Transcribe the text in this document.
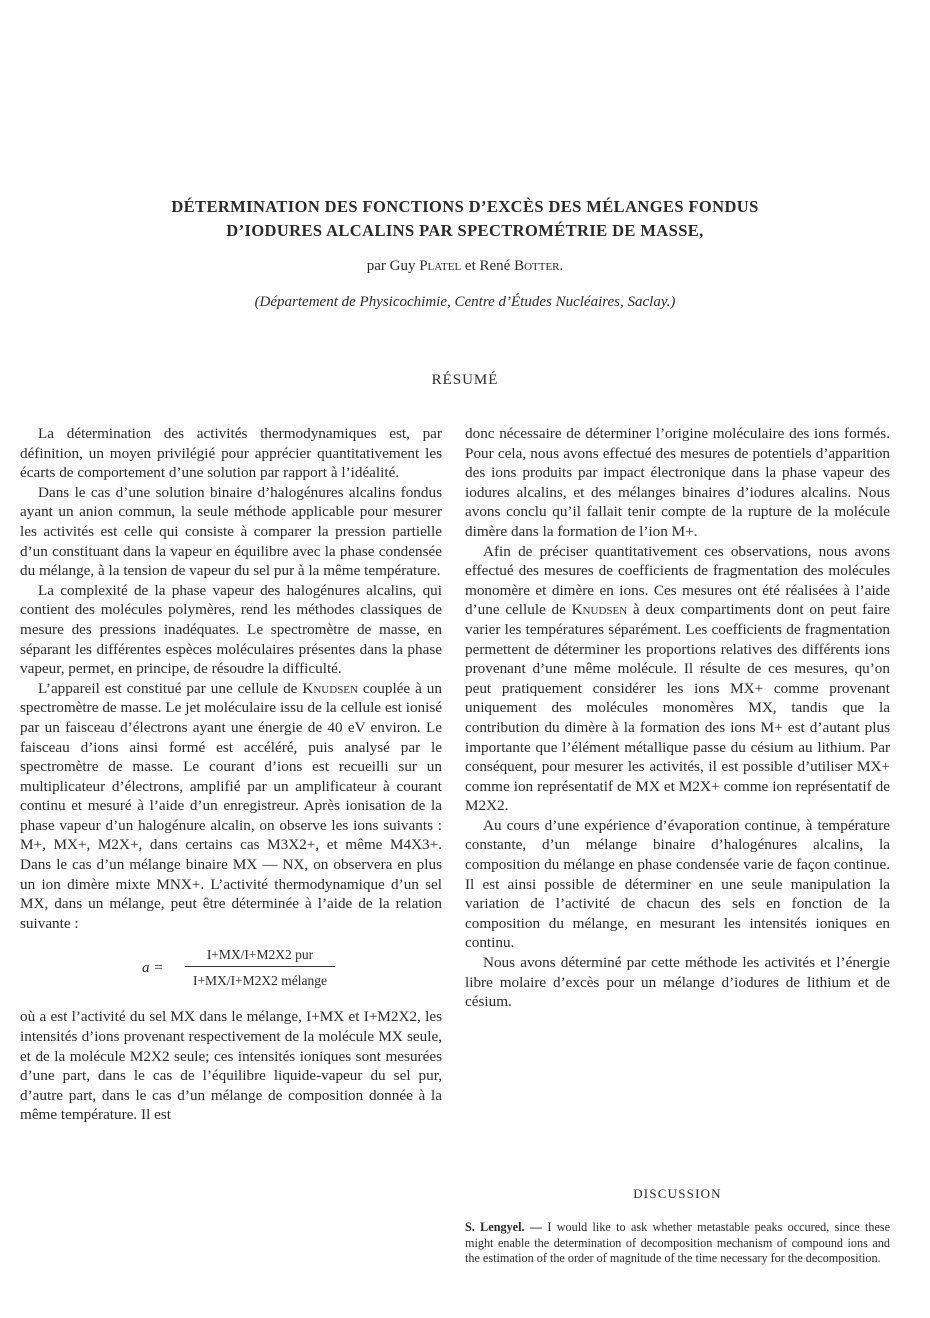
DÉTERMINATION DES FONCTIONS D’EXCÈS DES MÉLANGES FONDUS
D’IODURES ALCALINS PAR SPECTROMÉTRIE DE MASSE,
par Guy Platel et René Botter.
(Département de Physicochimie, Centre d’Études Nucléaires, Saclay.)
RÉSUMÉ

La détermination des activités thermodynamiques est, par définition, un moyen privilégié pour apprécier quantitativement les écarts de comportement d’une solution par rapport à l’idéalité.

Dans le cas d’une solution binaire d’halogénures alcalins fondus ayant un anion commun, la seule méthode applicable pour mesurer les activités est celle qui consiste à comparer la pression partielle d’un constituant dans la vapeur en équilibre avec la phase condensée du mélange, à la tension de vapeur du sel pur à la même température.

La complexité de la phase vapeur des halogénures alcalins, qui contient des molécules polymères, rend les méthodes classiques de mesure des pressions inadéquates. Le spectromètre de masse, en séparant les différentes espèces moléculaires présentes dans la phase vapeur, permet, en principe, de résoudre la difficulté.

L’appareil est constitué par une cellule de Knudsen couplée à un spectromètre de masse. Le jet moléculaire issu de la cellule est ionisé par un faisceau d’électrons ayant une énergie de 40 eV environ. Le faisceau d’ions ainsi formé est accéléré, puis analysé par le spectromètre de masse. Le courant d’ions est recueilli sur un multiplicateur d’électrons, amplifié par un amplificateur à courant continu et mesuré à l’aide d’un enregistreur. Après ionisation de la phase vapeur d’un halogénure alcalin, on observe les ions suivants : M+, MX+, M2X+, dans certains cas M3X2+, et même M4X3+. Dans le cas d’un mélange binaire MX — NX, on observera en plus un ion dimère mixte MNX+. L’activité thermodynamique d’un sel MX, dans un mélange, peut être déterminée à l’aide de la relation suivante :

a =
I+MX/I+M2X2 pur
I+MX/I+M2X2 mélange

où a est l’activité du sel MX dans le mélange, I+MX et I+M2X2, les intensités d’ions provenant respectivement de la molécule MX seule, et de la molécule M2X2 seule; ces intensités ioniques sont mesurées d’une part, dans le cas de l’équilibre liquide-vapeur du sel pur, d’autre part, dans le cas d’un mélange de composition donnée à la même température. Il est

donc nécessaire de déterminer l’origine moléculaire des ions formés. Pour cela, nous avons effectué des mesures de potentiels d’apparition des ions produits par impact électronique dans la phase vapeur des iodures alcalins, et des mélanges binaires d’iodures alcalins. Nous avons conclu qu’il fallait tenir compte de la rupture de la molécule dimère dans la formation de l’ion M+.

Afin de préciser quantitativement ces observations, nous avons effectué des mesures de coefficients de fragmentation des molécules monomère et dimère en ions. Ces mesures ont été réalisées à l’aide d’une cellule de Knudsen à deux compartiments dont on peut faire varier les températures séparément. Les coefficients de fragmentation permettent de déterminer les proportions relatives des différents ions provenant d’une même molécule. Il résulte de ces mesures, qu’on peut pratiquement considérer les ions MX+ comme provenant uniquement des molécules monomères MX, tandis que la contribution du dimère à la formation des ions M+ est d’autant plus importante que l’élément métallique passe du césium au lithium. Par conséquent, pour mesurer les activités, il est possible d’utiliser MX+ comme ion représentatif de MX et M2X+ comme ion représentatif de M2X2.

Au cours d’une expérience d’évaporation continue, à température constante, d’un mélange binaire d’halogénures alcalins, la composition du mélange en phase condensée varie de façon continue. Il est ainsi possible de déterminer en une seule manipulation la variation de l’activité de chacun des sels en fonction de la composition du mélange, en mesurant les intensités ioniques en continu.

Nous avons déterminé par cette méthode les activités et l’énergie libre molaire d’excès pour un mélange d’iodures de lithium et de césium.

DISCUSSION
S. Lengyel. — I would like to ask whether metastable peaks occured, since these might enable the determination of decomposition mechanism of compound ions and the estimation of the order of magnitude of the time necessary for the decomposition.
